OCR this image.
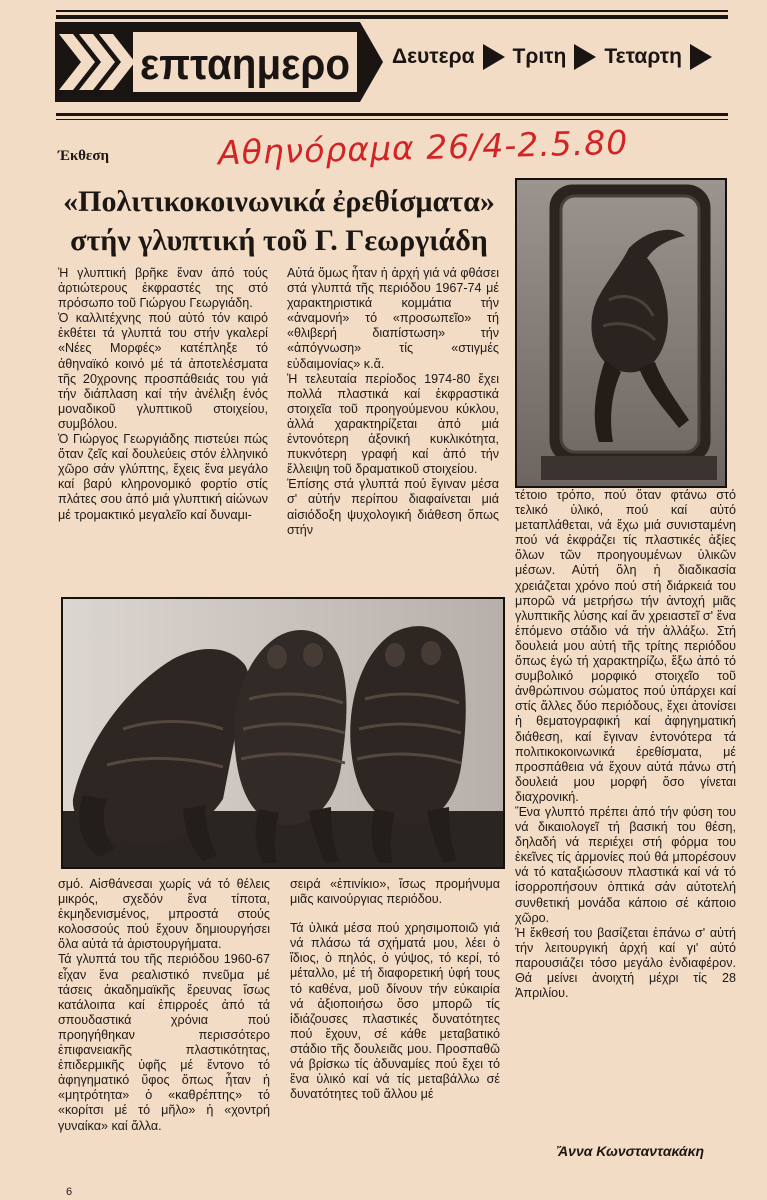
επταημερο Δευτερα Τριτη Τεταρτη
Έκθεση	Αθηνόραμα 26/4-2.5.80
«Πολιτικοκοινωνικά ἐρεθίσματα»
στήν γλυπτική τοῦ Γ. Γεωργιάδη

Ἡ γλυπτική βρῆκε ἕναν ἀπό τούς ἀρτιώτερους ἐκφραστές της στό πρόσωπο τοῦ Γιώργου Γεωργιάδη.

Ὁ καλλιτέχνης πού αὐτό τόν καιρό ἐκθέτει τά γλυπτά του στήν γκαλερί «Νέες Μορφές» κατέπληξε τό ἀθηναϊκό κοινό μέ τά ἀποτελέσματα τῆς 20χρονης προσπάθειάς του γιά τήν διάπλαση καί τήν ἀνέλιξη ἑνός μοναδικοῦ γλυπτικοῦ στοιχείου, συμβόλου.

Ὁ Γιώργος Γεωργιάδης πιστεύει πώς ὅταν ζεῖς καί δουλεύεις στόν ἑλληνικό χῶρο σάν γλύπτης, ἔχεις ἕνα μεγάλο καί βαρύ κληρονομικό φορτίο στίς πλάτες σου ἀπό μιά γλυπτική αἰώνων μέ τρομακτικό μεγαλεῖο καί δυναμι-

Αὐτά ὅμως ἦταν ἡ ἀρχή γιά νά φθάσει στά γλυπτά τῆς περιόδου 1967-74 μέ χαρακτηριστικά κομμάτια τήν «ἀναμονή» τό «προσωπεῖο» τή «θλιβερή διαπίστωση» τήν «ἀπόγνωση» τίς «στιγμές εὐδαιμονίας» κ.ἄ.

Ἡ τελευταία περίοδος 1974-80 ἔχει πολλά πλαστικά καί ἐκφραστικά στοιχεῖα τοῦ προηγούμενου κύκλου, ἀλλά χαρακτηρίζεται ἀπό μιά ἐντονότερη ἀξονική κυκλικότητα, πυκνότερη γραφή καί ἀπό τήν ἔλλειψη τοῦ δραματικοῦ στοιχείου.

Ἐπίσης στά γλυπτά πού ἔγιναν μέσα σ' αὐτήν περίπου διαφαίνεται μιά αἰσιόδοξη ψυχολογική διάθεση ὅπως στήν

τέτοιο τρόπο, πού ὅταν φτάνω στό τελικό ὑλικό, πού καί αὐτό μεταπλάθεται, νά ἔχω μιά συνισταμένη πού νά ἐκφράζει τίς πλαστικές ἀξίες ὅλων τῶν προηγουμένων ὑλικῶν μέσων. Αὐτή ὅλη ἡ διαδικασία χρειάζεται χρόνο πού στή διάρκειά του μπορῶ νά μετρήσω τήν ἀντοχή μιᾶς γλυπτικῆς λύσης καί ἄν χρειαστεῖ σ' ἕνα ἑπόμενο στάδιο νά τήν ἀλλάξω. Στή δουλειά μου αὐτή τῆς τρίτης περιόδου ὅπως ἐγώ τή χαρακτηρίζω, ἔξω ἀπό τό συμβολικό μορφικό στοιχεῖο τοῦ ἀνθρώπινου σώματος πού ὑπάρχει καί στίς ἄλλες δύο περιόδους, ἔχει ἀτονίσει ἡ θεματογραφική καί ἀφηγηματική διάθεση, καί ἔγιναν ἐντονότερα τά πολιτικοκοινωνικά ἐρεθίσματα, μέ προσπάθεια νά ἔχουν αὐτά πάνω στή δουλειά μου μορφή ὅσο γίνεται διαχρονική.

Ἕνα γλυπτό πρέπει ἀπό τήν φύση του νά δικαιολογεῖ τή βασική του θέση, δηλαδή νά περιέχει στή φόρμα του ἐκεῖνες τίς ἁρμονίες πού θά μπορέσουν νά τό καταξιώσουν πλαστικά καί νά τό ἰσορροπήσουν ὀπτικά σάν αὐτοτελή συνθετική μονάδα κάποιο σέ κάποιο χῶρο.

Ἡ ἔκθεσή του βασίζεται ἐπάνω σ' αὐτή τήν λειτουργική ἀρχή καί γι' αὐτό παρουσιάζει τόσο μεγάλο ἐνδιαφέρον. Θά μείνει ἀνοιχτή μέχρι τίς 28 Ἀπριλίου.

σμό. Αἰσθάνεσαι χωρίς νά τό θέλεις μικρός, σχεδόν ἕνα τίποτα, ἐκμηδενισμένος, μπροστά στούς κολοσσούς πού ἔχουν δημιουργήσει ὅλα αὐτά τά ἀριστουργήματα.

Τά γλυπτά του τῆς περιόδου 1960-67 εἶχαν ἕνα ρεαλιστικό πνεῦμα μέ τάσεις ἀκαδημαϊκῆς ἔρευνας ἴσως κατάλοιπα καί ἐπιρροές ἀπό τά σπουδαστικά χρόνια πού προηγήθηκαν περισσότερο ἐπιφανειακῆς πλαστικότητας, ἐπιδερμικῆς ὑφῆς μέ ἔντονο τό ἀφηγηματικό ὕφος ὅπως ἦταν ἡ «μητρότητα» ὁ «καθρέπτης» τό «κορίτσι μέ τό μῆλο» ἡ «χοντρή γυναίκα» καί ἄλλα.

σειρά «ἐπινίκιο», ἴσως προμήνυμα μιᾶς καινούργιας περιόδου.

Τά ὑλικά μέσα πού χρησιμοποιῶ γιά νά πλάσω τά σχήματά μου, λέει ὁ ἴδιος, ὁ πηλός, ὁ γύψος, τό κερί, τό μέταλλο, μέ τή διαφορετική ὑφή τους τό καθένα, μοῦ δίνουν τήν εὐκαιρία νά ἀξιοποιήσω ὅσο μπορῶ τίς ἰδιάζουσες πλαστικές δυνατότητες πού ἔχουν, σέ κάθε μεταβατικό στάδιο τῆς δουλειᾶς μου. Προσπαθῶ νά βρίσκω τίς ἀδυναμίες πού ἔχει τό ἕνα ὑλικό καί νά τίς μεταβάλλω σέ δυνατότητες τοῦ ἄλλου μέ

Ἄννα Κωνσταντακάκη
6
